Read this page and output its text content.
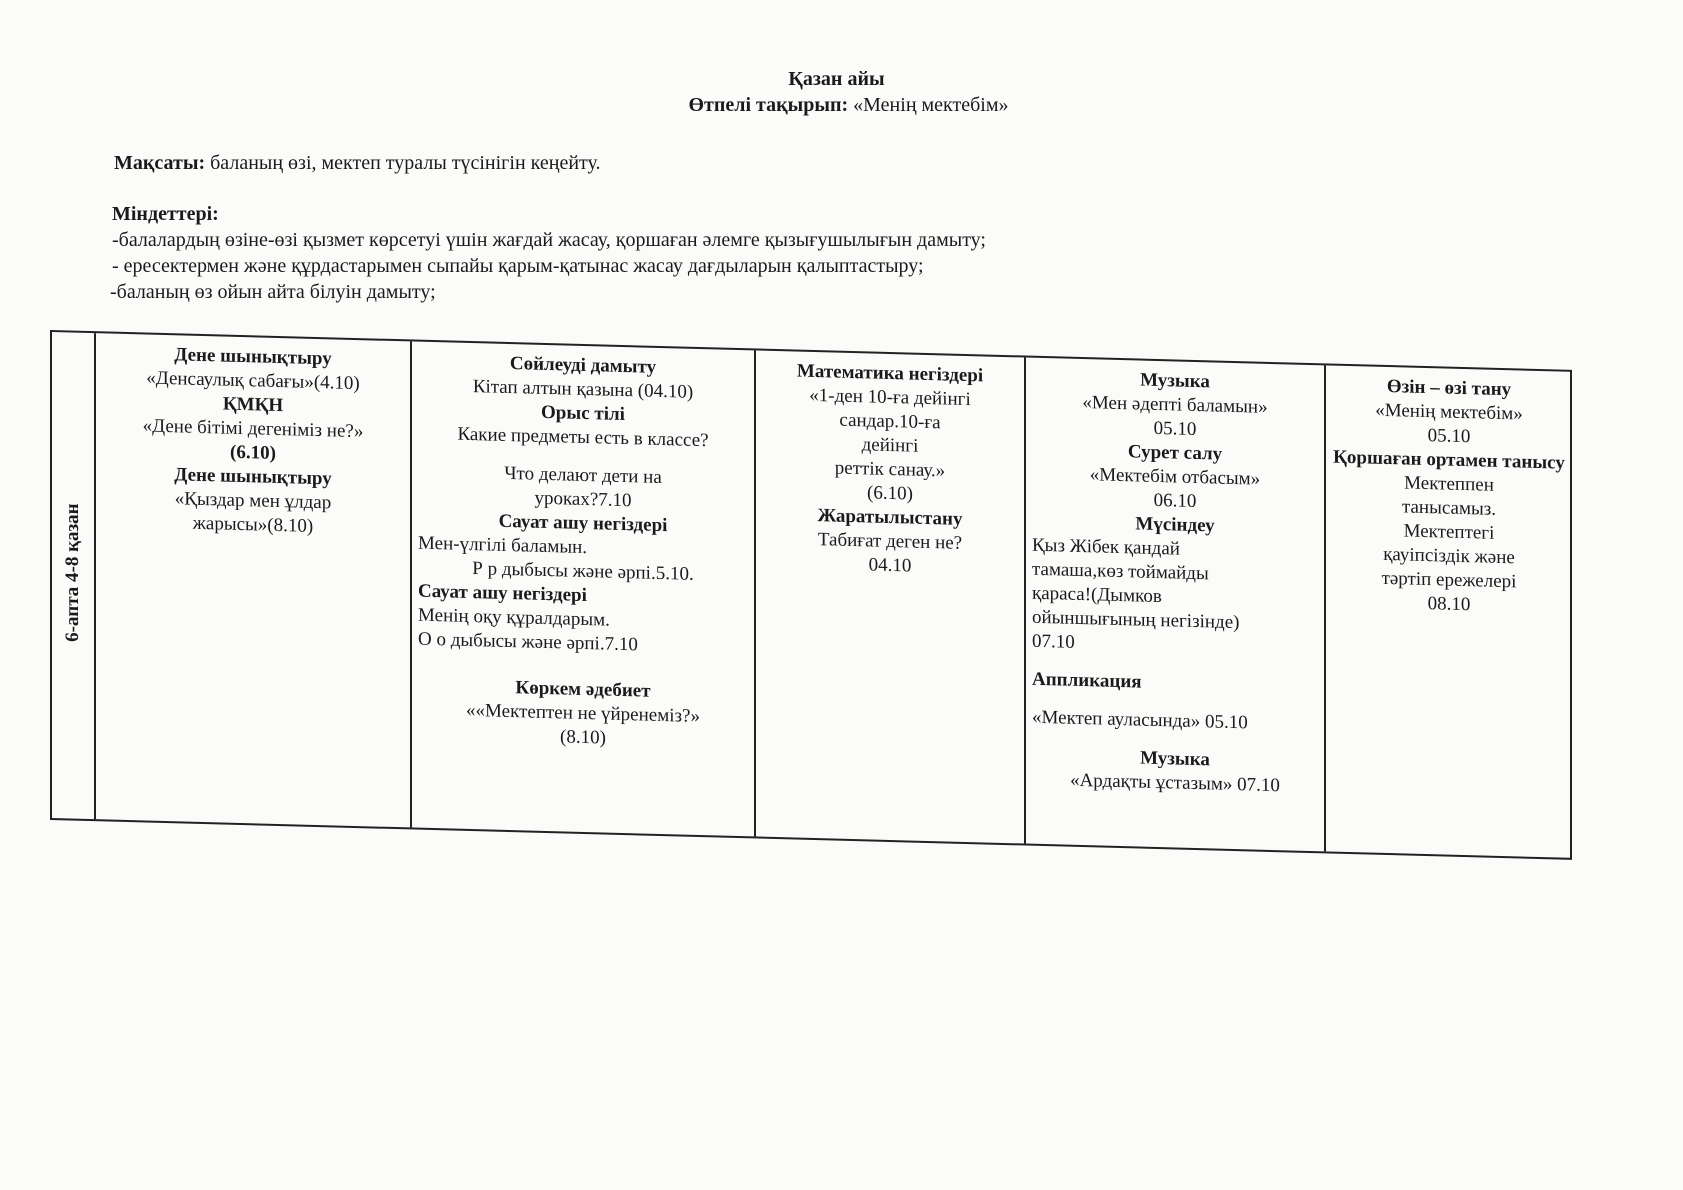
Қазан айы
Өтпелі тақырып: «Менің мектебім»
Мақсаты: баланың өзі, мектеп туралы түсінігін кеңейту.
Міндеттері:
-балалардың өзіне-өзі қызмет көрсетуі үшін жағдай жасау, қоршаған әлемге қызығушылығын дамыту;
- ересектермен және құрдастарымен сыпайы қарым-қатынас жасау дағдыларын қалыптастыру;
-баланың өз ойын айта білуін дамыту;
6-апта 4-8 қазан
Дене шынықтыру
«Денсаулық сабағы»(4.10)
ҚМҚН
«Дене бітімі дегеніміз не?»
(6.10)
Дене шынықтыру
«Қыздар мен ұлдар
жарысы»(8.10)
Сөйлеуді дамыту
Кітап алтын қазына (04.10)
Орыс тілі
Какие предметы есть в классе?
Что делают дети на
уроках?7.10
Сауат ашу негіздері
Мен-үлгілі баламын.
Р р дыбысы және әрпі.5.10.
Сауат ашу негіздері
Менің оқу құралдарым.
О о дыбысы және әрпі.7.10
Көркем әдебиет
««Мектептен не үйренеміз?»
(8.10)
Математика негіздері
«1-ден 10-ға дейінгі
сандар.10-ға
дейінгі
реттік санау.»
(6.10)
Жаратылыстану
Табиғат деген не?
04.10
Музыка
«Мен әдепті баламын»
05.10
Сурет салу
«Мектебім отбасым»
06.10
Мүсіндеу
Қыз Жібек қандай
тамаша,көз тоймайды
қараса!(Дымков
ойыншығының негізінде)
07.10
Аппликация
«Мектеп ауласында» 05.10
Музыка
«Ардақты ұстазым» 07.10
Өзін – өзі тану
«Менің мектебім»
05.10
Қоршаған ортамен танысу
Мектеппен
танысамыз.
Мектептегі
қауіпсіздік және
тәртіп ережелері
08.10
